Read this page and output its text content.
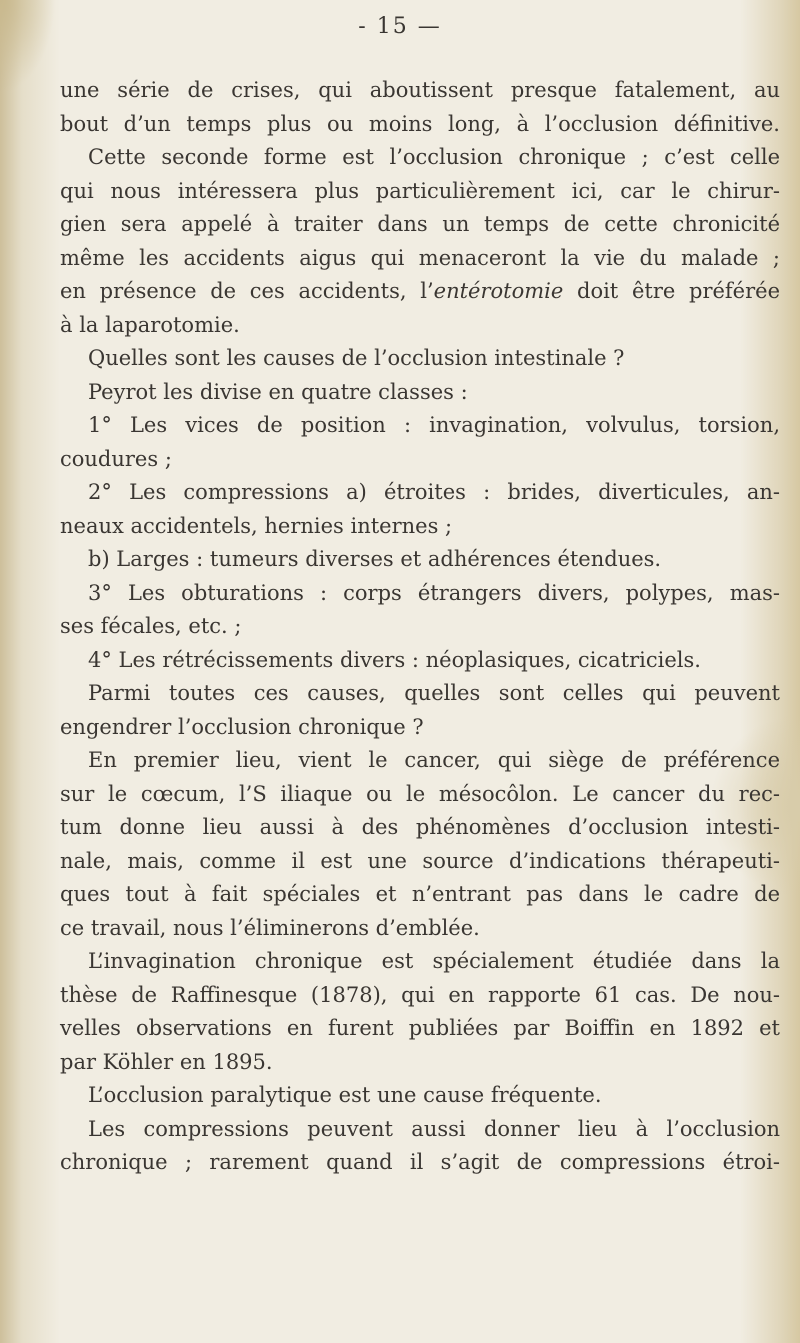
- 15 —
une série de crises, qui aboutissent presque fatalement, au
bout d’un temps plus ou moins long, à l’occlusion définitive.
Cette seconde forme est l’occlusion chronique ; c’est celle
qui nous intéressera plus particulièrement ici, car le chirur-
gien sera appelé à traiter dans un temps de cette chronicité
même les accidents aigus qui menaceront la vie du malade ;
en présence de ces accidents, l’entérotomie doit être préférée
à la laparotomie.
Quelles sont les causes de l’occlusion intestinale ?
Peyrot les divise en quatre classes :
1° Les vices de position : invagination, volvulus, torsion,
coudures ;
2° Les compressions a) étroites : brides, diverticules, an-
neaux accidentels, hernies internes ;
b) Larges : tumeurs diverses et adhérences étendues.
3° Les obturations : corps étrangers divers, polypes, mas-
ses fécales, etc. ;
4° Les rétrécissements divers : néoplasiques, cicatriciels.
Parmi toutes ces causes, quelles sont celles qui peuvent
engendrer l’occlusion chronique ?
En premier lieu, vient le cancer, qui siège de préférence
sur le cœcum, l’S iliaque ou le mésocôlon. Le cancer du rec-
tum donne lieu aussi à des phénomènes d’occlusion intesti-
nale, mais, comme il est une source d’indications thérapeuti-
ques tout à fait spéciales et n’entrant pas dans le cadre de
ce travail, nous l’éliminerons d’emblée.
L’invagination chronique est spécialement étudiée dans la
thèse de Raffinesque (1878), qui en rapporte 61 cas. De nou-
velles observations en furent publiées par Boiffin en 1892 et
par Köhler en 1895.
L’occlusion paralytique est une cause fréquente.
Les compressions peuvent aussi donner lieu à l’occlusion
chronique ; rarement quand il s’agit de compressions étroi-
